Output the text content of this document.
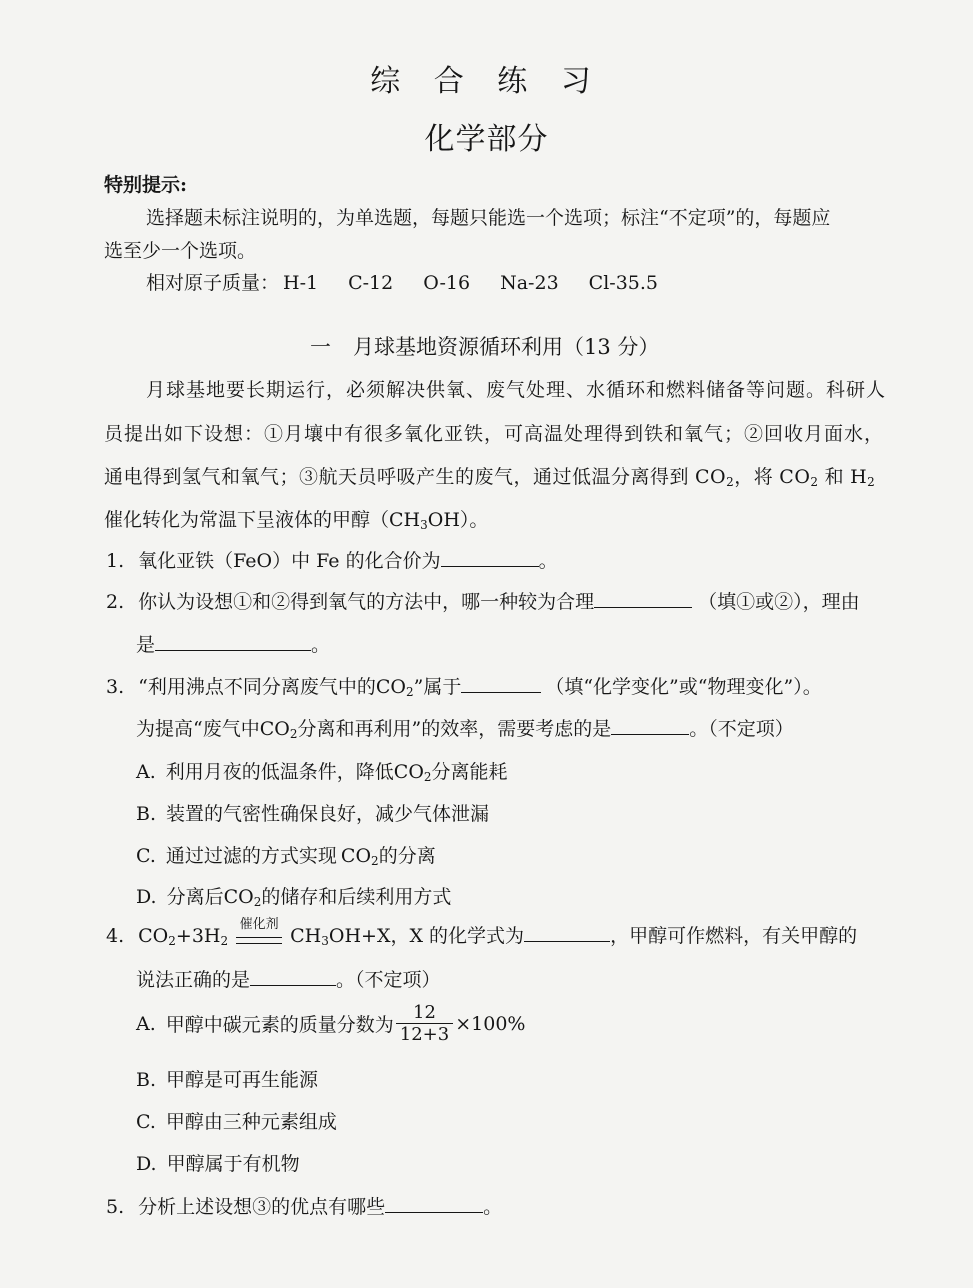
综 合 练 习
化学部分
特别提示:
选择题未标注说明的，为单选题，每题只能选一个选项；标注“不定项”的，每题应
选至少一个选项。
相对原子质量： H-1 C-12 O-16 Na-23 Cl-35.5
一 月球基地资源循环利用（13 分）
月球基地要长期运行，必须解决供氧、废气处理、水循环和燃料储备等问题。科研人
员提出如下设想：①月壤中有很多氧化亚铁，可高温处理得到铁和氧气；②回收月面水，
通电得到氢气和氧气；③航天员呼吸产生的废气，通过低温分离得到 $CO_2$，将 $CO_2$ 和 $H_2$
催化转化为常温下呈液体的甲醇$(CH_3OH)$。
1. 氧化亚铁（FeO）中 Fe 的化合价为	。
2. 你认为设想①和②得到氧气的方法中，哪一种较为合理	（填①或②），理由
是	。
3. “利用沸点不同分离废气中的$CO_2$”属于	（填“化学变化”或“物理变化”）。
为提高“废气中$CO_2$分离和再利用”的效率，需要考虑的是	。（不定项）
A. 利用月夜的低温条件，降低$CO_2$分离能耗
B. 装置的气密性确保良好，减少气体泄漏
C. 通过过滤的方式实现 $CO_2$的分离
D. 分离后$CO_2$的储存和后续利用方式
4. $CO_2+3H_2$
催化剂
$CH_3OH+X$，X 的化学式为	，甲醇可作燃料，有关甲醇的
说法正确的是	。（不定项）
A. 甲醇中碳元素的质量分数为 $\frac{12}{12+3} \times 100\%$
B. 甲醇是可再生能源
C. 甲醇由三种元素组成
D. 甲醇属于有机物
5. 分析上述设想③的优点有哪些	。
